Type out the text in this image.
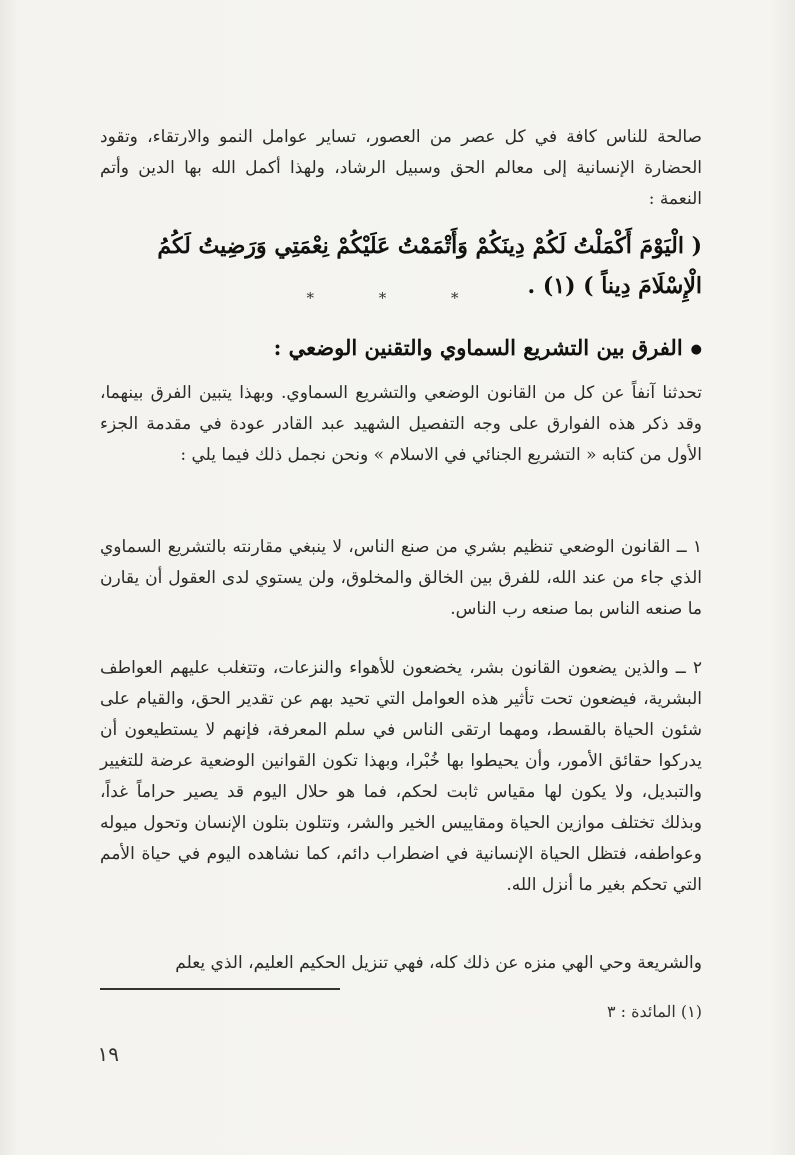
صالحة للناس كافة في كل عصر من العصور، تساير عوامل النمو والارتقاء، وتقود الحضارة الإنسانية إلى معالم الحق وسبيل الرشاد، ولهذا أكمل الله بها الدين وأتم النعمة :

( الْيَوْمَ أَكْمَلْتُ لَكُمْ دِينَكُمْ وَأَتْمَمْتُ عَلَيْكُمْ نِعْمَتِي وَرَضِيتُ لَكُمُ الْإِسْلَامَ دِيناً ) (١) .
* * *
●الفرق بين التشريع السماوي والتقنين الوضعي :

تحدثنا آنفاً عن كل من القانون الوضعي والتشريع السماوي. وبهذا يتبين الفرق بينهما، وقد ذكر هذه الفوارق على وجه التفصيل الشهيد عبد القادر عودة في مقدمة الجزء الأول من كتابه « التشريع الجنائي في الاسلام » ونحن نجمل ذلك فيما يلي :

١ ــ القانون الوضعي تنظيم بشري من صنع الناس، لا ينبغي مقارنته بالتشريع السماوي الذي جاء من عند الله، للفرق بين الخالق والمخلوق، ولن يستوي لدى العقول أن يقارن ما صنعه الناس بما صنعه رب الناس.

٢ ــ والذين يضعون القانون بشر، يخضعون للأهواء والنزعات، وتتغلب عليهم العواطف البشرية، فيضعون تحت تأثير هذه العوامل التي تحيد بهم عن تقدير الحق، والقيام على شئون الحياة بالقسط، ومهما ارتقى الناس في سلم المعرفة، فإنهم لا يستطيعون أن يدركوا حقائق الأمور، وأن يحيطوا بها خُبْرا، وبهذا تكون القوانين الوضعية عرضة للتغيير والتبديل، ولا يكون لها مقياس ثابت لحكم، فما هو حلال اليوم قد يصير حراماً غداً، وبذلك تختلف موازين الحياة ومقاييس الخير والشر، وتتلون بتلون الإنسان وتحول ميوله وعواطفه، فتظل الحياة الإنسانية في اضطراب دائم، كما نشاهده اليوم في حياة الأمم التي تحكم بغير ما أنزل الله.

والشريعة وحي الهي منزه عن ذلك كله، فهي تنزيل الحكيم العليم، الذي يعلم

(١) المائدة : ٣
١٩
